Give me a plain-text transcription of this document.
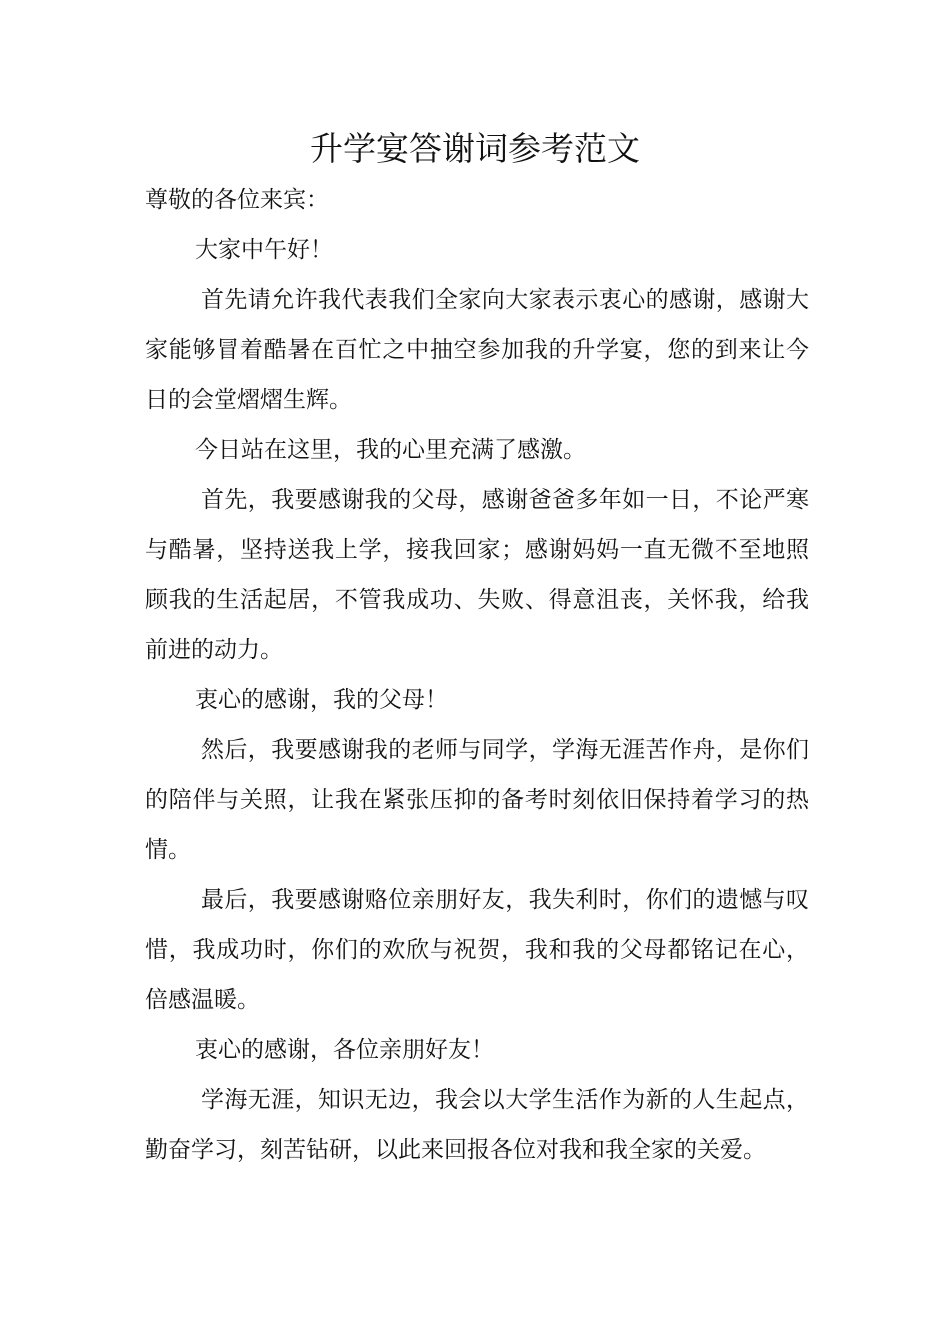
升学宴答谢词参考范文

尊敬的各位来宾：

大家中午好！

首先请允许我代表我们全家向大家表示衷心的感谢，感谢大家能够冒着酷暑在百忙之中抽空参加我的升学宴，您的到来让今日的会堂熠熠生辉。

今日站在这里，我的心里充满了感激。

首先，我要感谢我的父母，感谢爸爸多年如一日，不论严寒与酷暑，坚持送我上学，接我回家；感谢妈妈一直无微不至地照顾我的生活起居，不管我成功、失败、得意沮丧，关怀我，给我前进的动力。

衷心的感谢，我的父母！

然后，我要感谢我的老师与同学，学海无涯苦作舟，是你们的陪伴与关照，让我在紧张压抑的备考时刻依旧保持着学习的热情。

最后，我要感谢赂位亲朋好友，我失利时，你们的遗憾与叹惜，我成功时，你们的欢欣与祝贺，我和我的父母都铭记在心，倍感温暖。

衷心的感谢，各位亲朋好友！

学海无涯，知识无边，我会以大学生活作为新的人生起点，勤奋学习，刻苦钻研，以此来回报各位对我和我全家的关爱。
